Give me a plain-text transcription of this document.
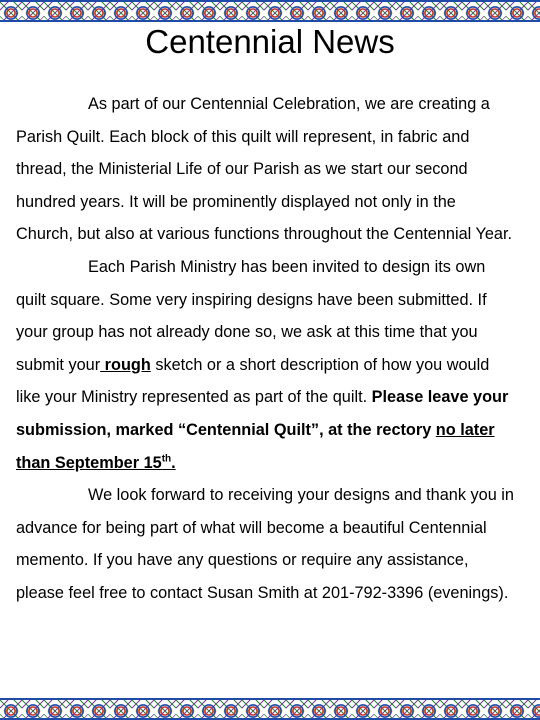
Centennial News

As part of our Centennial Celebration, we are creating a Parish Quilt. Each block of this quilt will represent, in fabric and thread, the Ministerial Life of our Parish as we start our second hundred years. It will be prominently displayed not only in the Church, but also at various functions throughout the Centennial Year.

Each Parish Ministry has been invited to design its own quilt square. Some very inspiring designs have been submitted. If your group has not already done so, we ask at this time that you submit your rough sketch or a short description of how you would like your Ministry represented as part of the quilt. Please leave your submission, marked “Centennial Quilt”, at the rectory no later than September 15th.

We look forward to receiving your designs and thank you in advance for being part of what will become a beautiful Centennial memento. If you have any questions or require any assistance, please feel free to contact Susan Smith at 201-792-3396 (evenings).
